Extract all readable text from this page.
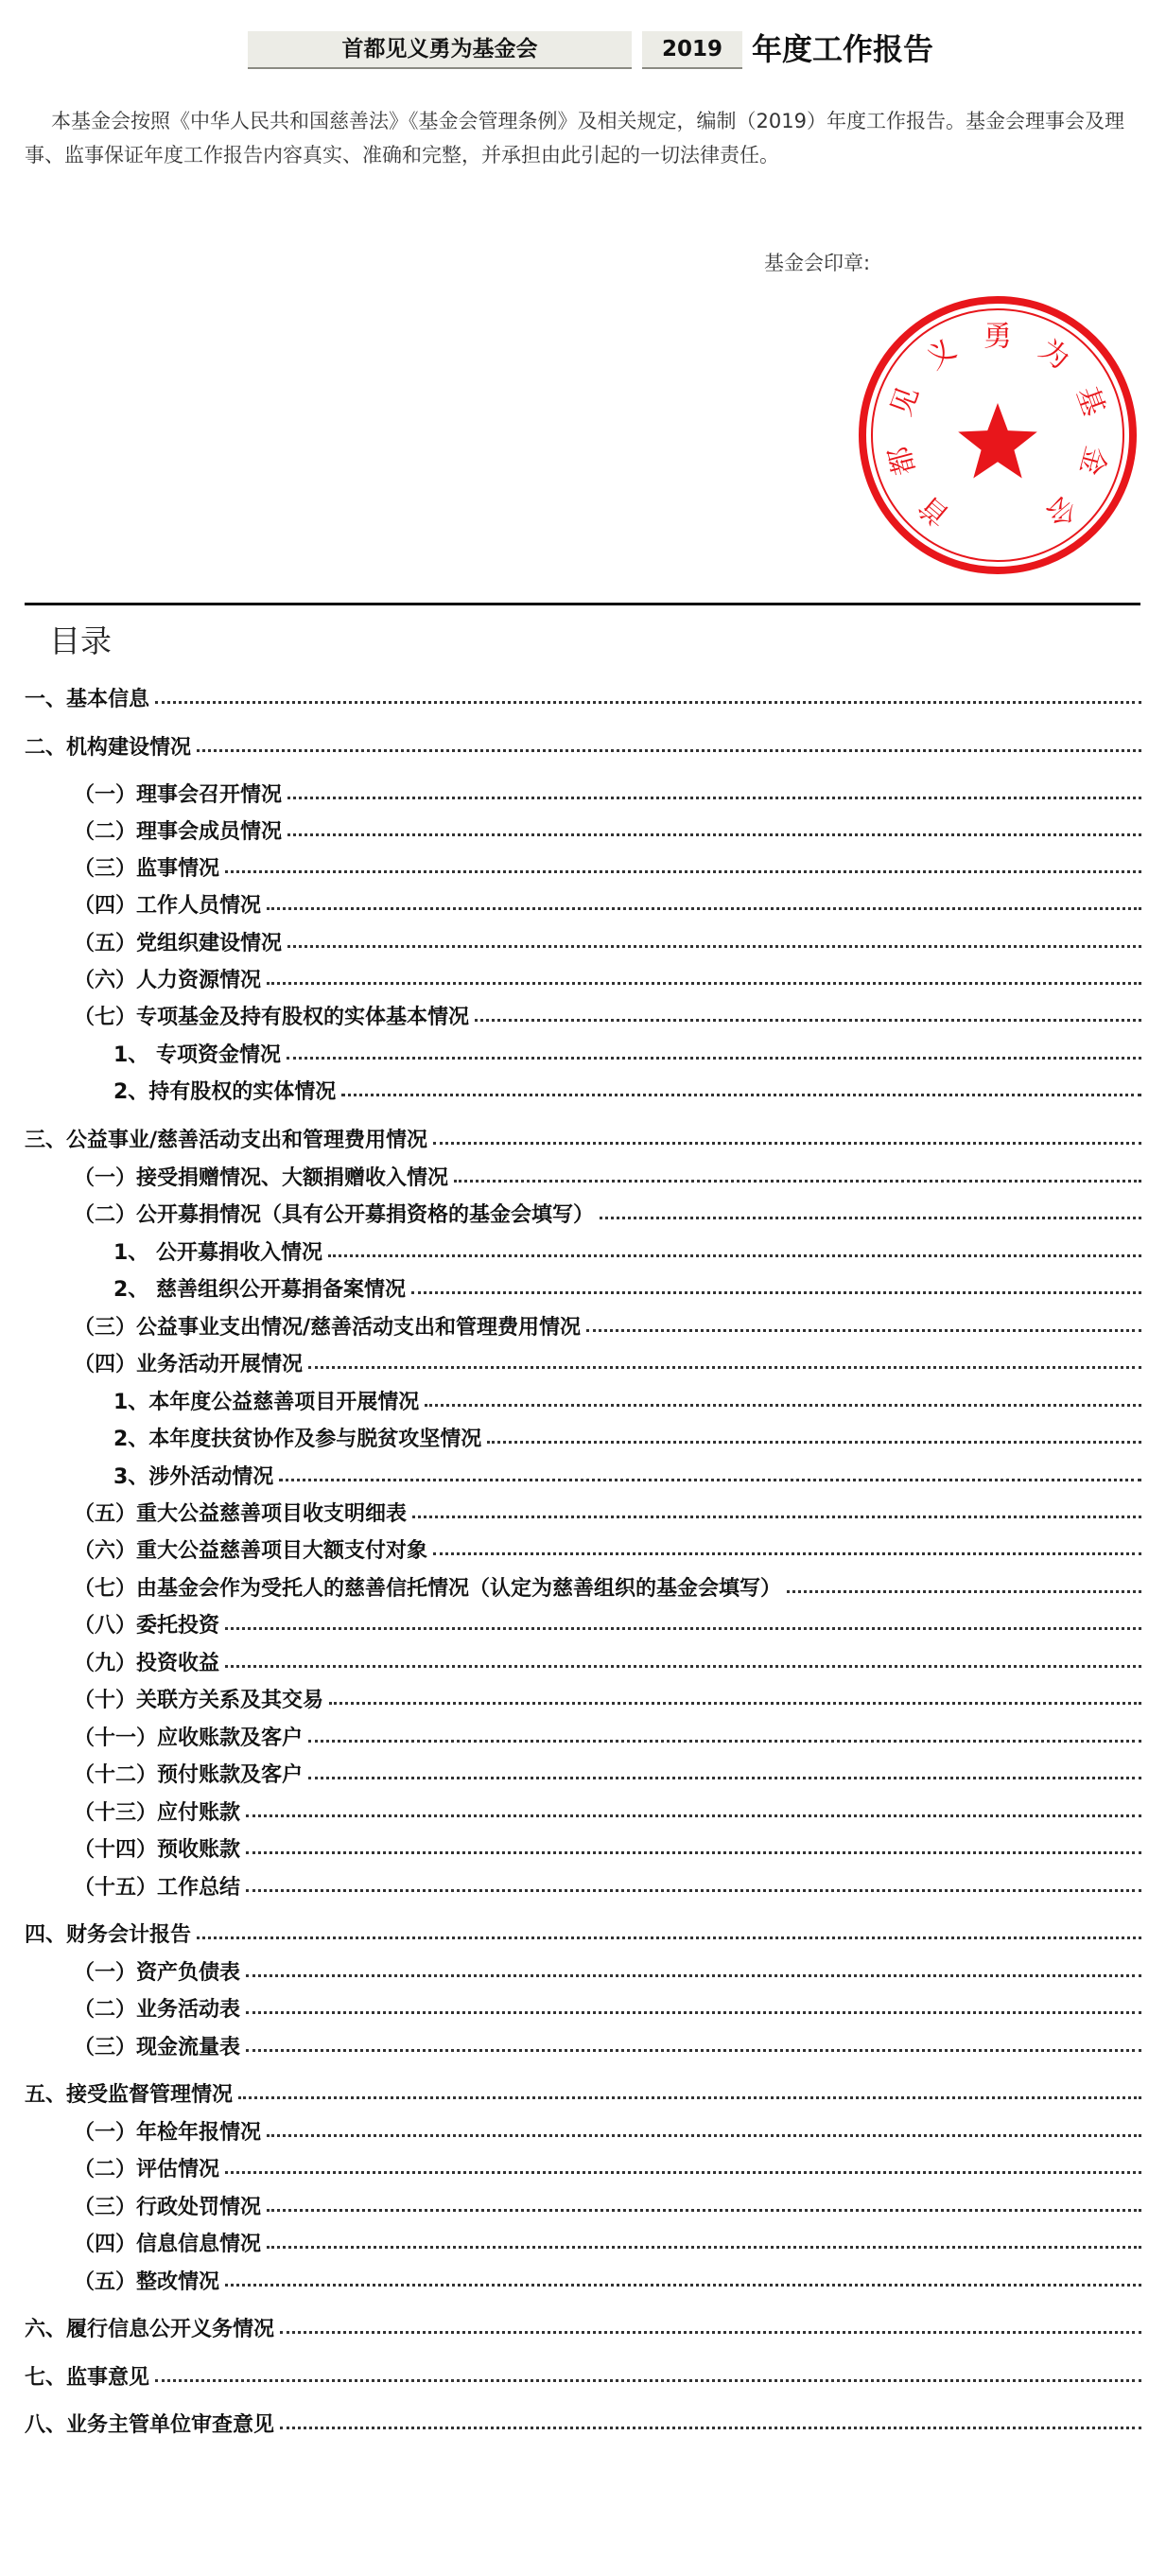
首都见义勇为基金会	2019 年度工作报告

本基金会按照《中华人民共和国慈善法》《基金会管理条例》及相关规定，编制（2019）年度工作报告。基金会理事会及理事、监事保证年度工作报告内容真实、准确和完整，并承担由此引起的一切法律责任。

基金会印章:
首
都
见
义 勇 为
基
金
会
目录
一、基本信息
二、机构建设情况
（一）理事会召开情况
（二）理事会成员情况
（三）监事情况
（四）工作人员情况
（五）党组织建设情况
（六）人力资源情况
（七）专项基金及持有股权的实体基本情况
1、 专项资金情况
2、持有股权的实体情况
三、公益事业/慈善活动支出和管理费用情况
（一）接受捐赠情况、大额捐赠收入情况
（二）公开募捐情况（具有公开募捐资格的基金会填写）
1、 公开募捐收入情况
2、 慈善组织公开募捐备案情况
（三）公益事业支出情况/慈善活动支出和管理费用情况
（四）业务活动开展情况
1、本年度公益慈善项目开展情况
2、本年度扶贫协作及参与脱贫攻坚情况
3、涉外活动情况
（五）重大公益慈善项目收支明细表
（六）重大公益慈善项目大额支付对象
（七）由基金会作为受托人的慈善信托情况（认定为慈善组织的基金会填写）
（八）委托投资
（九）投资收益
（十）关联方关系及其交易
（十一）应收账款及客户
（十二）预付账款及客户
（十三）应付账款
（十四）预收账款
（十五）工作总结
四、财务会计报告
（一）资产负债表
（二）业务活动表
（三）现金流量表
五、接受监督管理情况
（一）年检年报情况
（二）评估情况
（三）行政处罚情况
（四）信息信息情况
（五）整改情况
六、履行信息公开义务情况
七、监事意见
八、业务主管单位审查意见
